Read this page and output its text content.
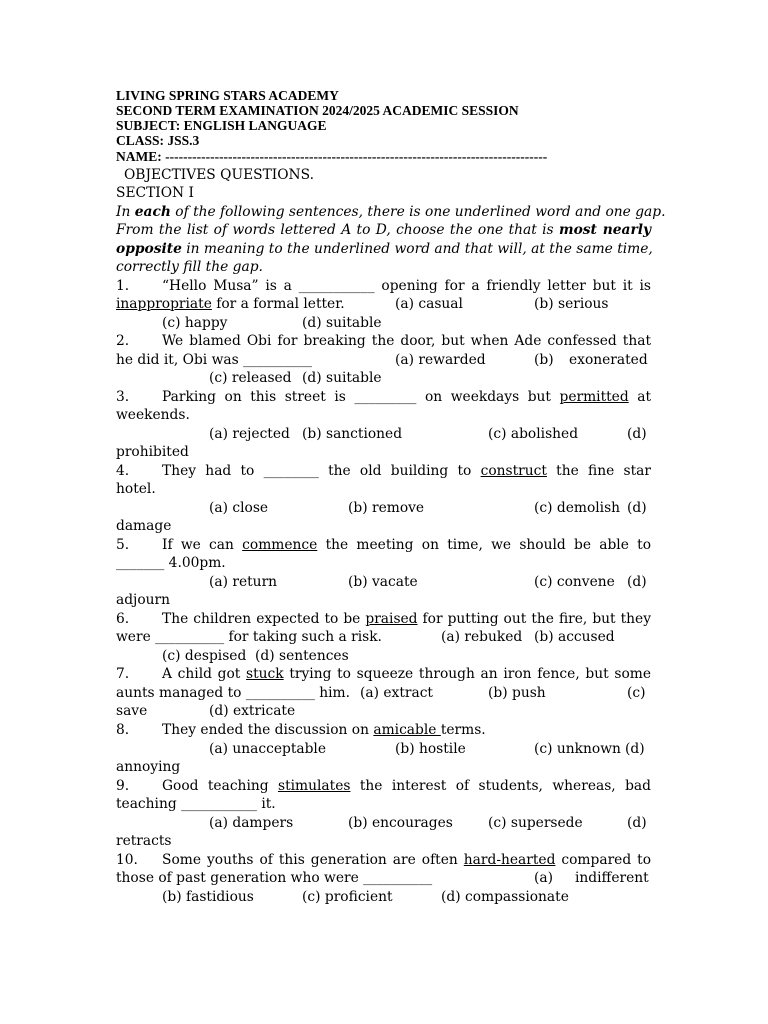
LIVING SPRING STARS ACADEMY
SECOND TERM EXAMINATION 2024/2025 ACADEMIC SESSION
SUBJECT: ENGLISH LANGUAGE
CLASS: JSS.3
NAME: -------------------------------------------------------------------------------------
OBJECTIVES QUESTIONS.
SECTION I
In each of the following sentences, there is one underlined word and one gap.
From the list of words lettered A to D, choose the one that is most nearly
opposite in meaning to the underlined word and that will, at the same time,
correctly fill the gap.
1. “Hello Musa” is a ___________ opening for a friendly letter but it is
inappropriate for a formal letter.	(a) casual	(b) serious
(c) happy	(d) suitable
2. We blamed Obi for breaking the door, but when Ade confessed that
he did it, Obi was __________	(a) rewarded	(b) exonerated
(c) released (d) suitable
3. Parking on this street is _________ on weekdays but permitted at
weekends.
(a) rejected (b) sanctioned	(c) abolished	(d)
prohibited
4. They had to ________ the old building to construct the fine star
hotel.
(a) close	(b) remove	(c) demolish (d)
damage
5. If we can commence the meeting on time, we should be able to
_______ 4.00pm.
(a) return	(b) vacate	(c) convene (d)
adjourn
6. The children expected to be praised for putting out the fire, but they
were __________ for taking such a risk.	(a) rebuked (b) accused
(c) despised (d) sentences
7. A child got stuck trying to squeeze through an iron fence, but some
aunts managed to __________ him. (a) extract	(b) push	(c)
save	(d) extricate
8. They ended the discussion on amicable terms.
(a) unacceptable	(b) hostile	(c) unknown (d)
annoying
9. Good teaching stimulates the interest of students, whereas, bad
teaching ___________ it.
(a) dampers	(b) encourages	(c) supersede	(d)
retracts
10. Some youths of this generation are often hard-hearted compared to
those of past generation who were __________	(a) indifferent
(b) fastidious	(c) proficient	(d) compassionate
